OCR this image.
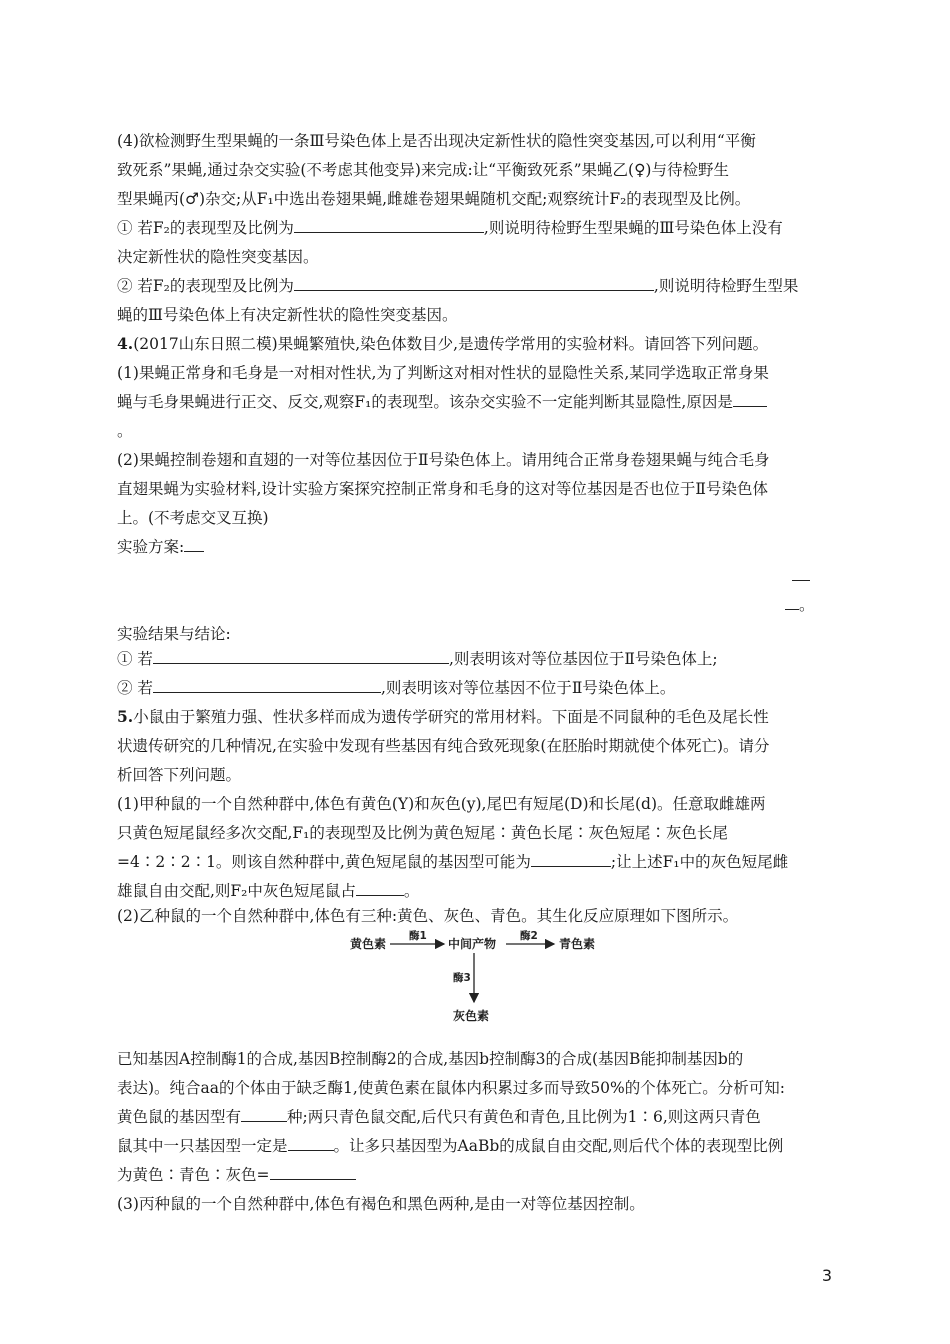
(4)欲检测野生型果蝇的一条Ⅲ号染色体上是否出现决定新性状的隐性突变基因,可以利用“平衡
致死系”果蝇,通过杂交实验(不考虑其他变异)来完成:让“平衡致死系”果蝇乙(♀)与待检野生
型果蝇丙(♂)杂交;从F₁中选出卷翅果蝇,雌雄卷翅果蝇随机交配;观察统计F₂的表现型及比例。
① 若F₂的表现型及比例为	,则说明待检野生型果蝇的Ⅲ号染色体上没有
决定新性状的隐性突变基因。
② 若F₂的表现型及比例为	,则说明待检野生型果
蝇的Ⅲ号染色体上有决定新性状的隐性突变基因。
4.(2017山东日照二模)果蝇繁殖快,染色体数目少,是遗传学常用的实验材料。请回答下列问题。
(1)果蝇正常身和毛身是一对相对性状,为了判断这对相对性状的显隐性关系,某同学选取正常身果
蝇与毛身果蝇进行正交、反交,观察F₁的表现型。该杂交实验不一定能判断其显隐性,原因是
。
(2)果蝇控制卷翅和直翅的一对等位基因位于Ⅱ号染色体上。请用纯合正常身卷翅果蝇与纯合毛身
直翅果蝇为实验材料,设计实验方案探究控制正常身和毛身的这对等位基因是否也位于Ⅱ号染色体
上。(不考虑交叉互换)
实验方案:
。
实验结果与结论:
① 若	,则表明该对等位基因位于Ⅱ号染色体上;
② 若	,则表明该对等位基因不位于Ⅱ号染色体上。
5.小鼠由于繁殖力强、性状多样而成为遗传学研究的常用材料。下面是不同鼠种的毛色及尾长性
状遗传研究的几种情况,在实验中发现有些基因有纯合致死现象(在胚胎时期就使个体死亡)。请分
析回答下列问题。
(1)甲种鼠的一个自然种群中,体色有黄色(Y)和灰色(y),尾巴有短尾(D)和长尾(d)。任意取雌雄两
只黄色短尾鼠经多次交配,F₁的表现型及比例为黄色短尾∶黄色长尾∶灰色短尾∶灰色长尾
=4∶2∶2∶1。则该自然种群中,黄色短尾鼠的基因型可能为	;让上述F₁中的灰色短尾雌
雄鼠自由交配,则F₂中灰色短尾鼠占	。
(2)乙种鼠的一个自然种群中,体色有三种:黄色、灰色、青色。其生化反应原理如下图所示。
黄色素
酶1
中间产物
酶2
青色素
酶3
灰色素
已知基因A控制酶1的合成,基因B控制酶2的合成,基因b控制酶3的合成(基因B能抑制基因b的
表达)。纯合aa的个体由于缺乏酶1,使黄色素在鼠体内积累过多而导致50%的个体死亡。分析可知:
黄色鼠的基因型有	种;两只青色鼠交配,后代只有黄色和青色,且比例为1∶6,则这两只青色
鼠其中一只基因型一定是	。让多只基因型为AaBb的成鼠自由交配,则后代个体的表现型比例
为黄色∶青色∶灰色=
(3)丙种鼠的一个自然种群中,体色有褐色和黑色两种,是由一对等位基因控制。
3
